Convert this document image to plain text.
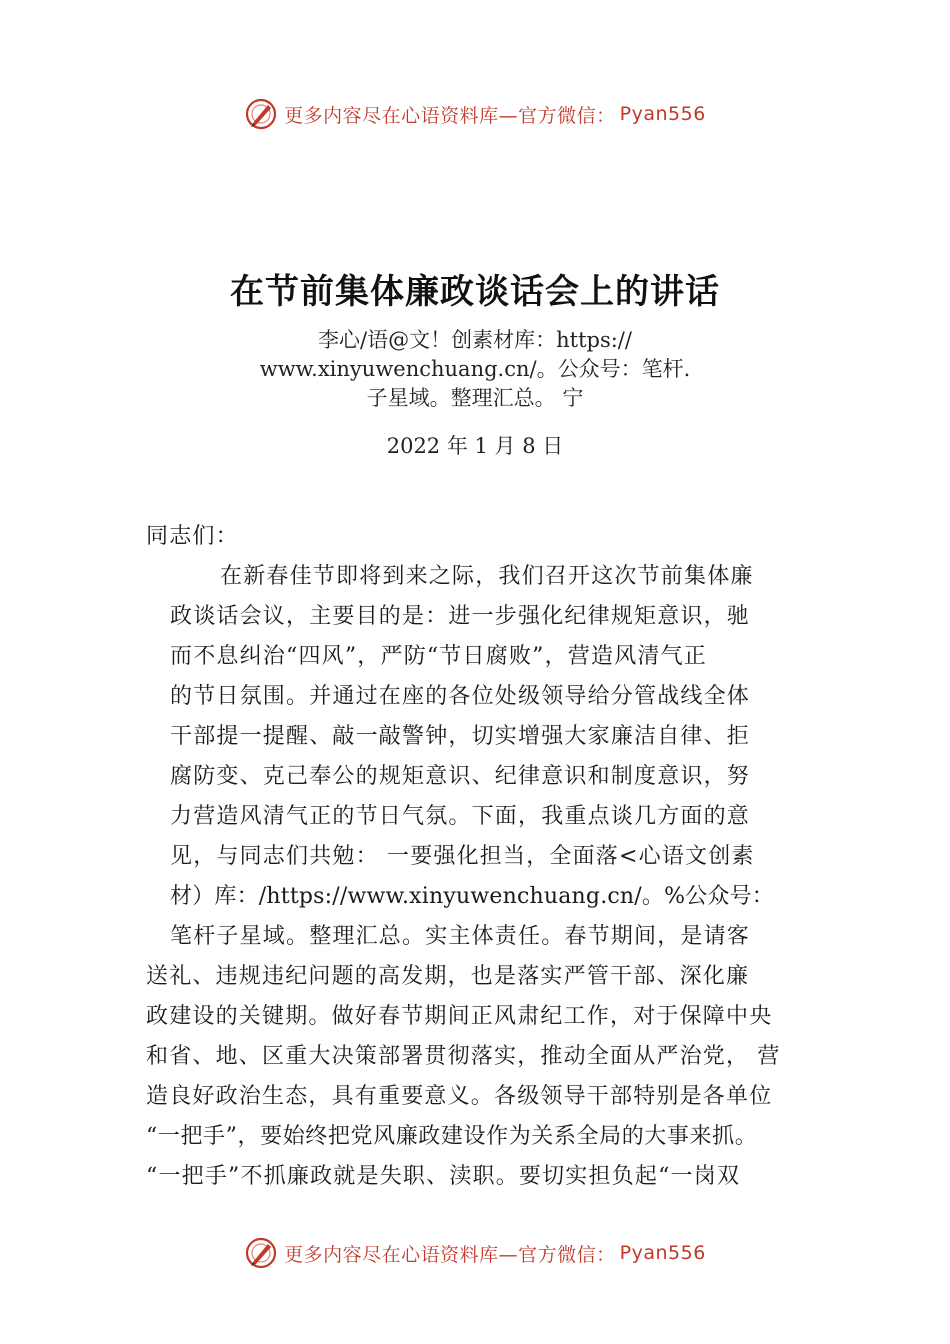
更多内容尽在心语资料库—官方微信： Pyan556
在节前集体廉政谈话会上的讲话
李心/语@文！创素材库：https://
www.xinyuwenchuang.cn/。公众号：笔杆.
子星域。整理汇总。 宁
2022 年 1 月 8 日
同志们：
在新春佳节即将到来之际，我们召开这次节前集体廉
政谈话会议，主要目的是：进一步强化纪律规矩意识，驰
而不息纠治“四风”，严防“节日腐败”，营造风清气正
的节日氛围。并通过在座的各位处级领导给分管战线全体
干部提一提醒、敲一敲警钟，切实增强大家廉洁自律、拒
腐防变、克己奉公的规矩意识、纪律意识和制度意识，努
力营造风清气正的节日气氛。下面，我重点谈几方面的意
见，与同志们共勉： 一要强化担当，全面落<心语文创素
材）库：/https://www.xinyuwenchuang.cn/。%公众号：
笔杆子星域。整理汇总。实主体责任。春节期间，是请客
送礼、违规违纪问题的高发期，也是落实严管干部、深化廉
政建设的关键期。做好春节期间正风肃纪工作，对于保障中央
和省、地、区重大决策部署贯彻落实，推动全面从严治党， 营
造良好政治生态，具有重要意义。各级领导干部特别是各单位
“一把手”，要始终把党风廉政建设作为关系全局的大事来抓。
“一把手”不抓廉政就是失职、渎职。要切实担负起“一岗双
更多内容尽在心语资料库—官方微信： Pyan556
